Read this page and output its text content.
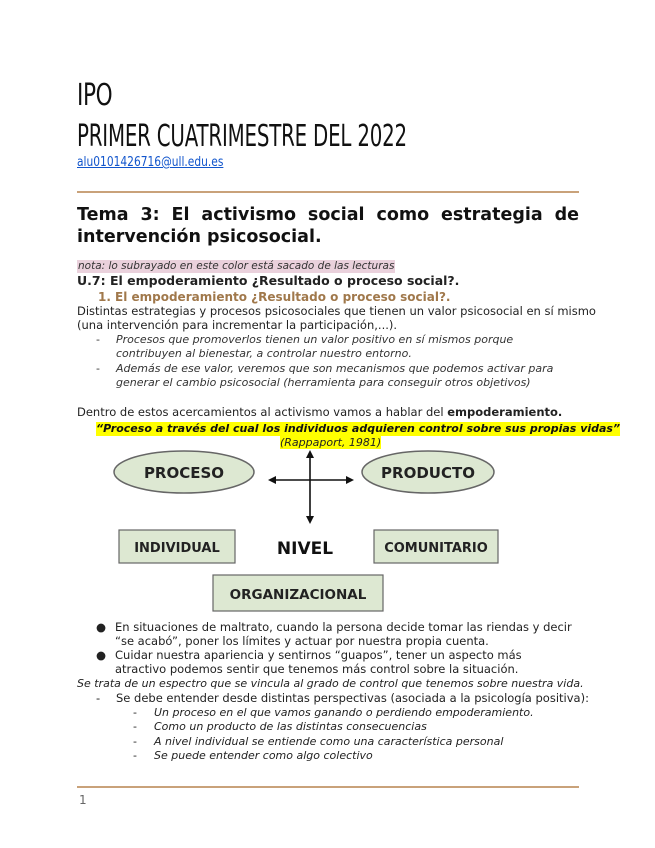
IPO
PRIMER CUATRIMESTRE DEL 2022
alu0101426716@ull.edu.es
Tema 3: El activismo social como estrategia de intervención psicosocial.
nota: lo subrayado en este color está sacado de las lecturas
U.7: El empoderamiento ¿Resultado o proceso social?.
1. El empoderamiento ¿Resultado o proceso social?.
Distintas estrategias y procesos psicosociales que tienen un valor psicosocial en sí mismo
(una intervención para incrementar la participación,...).
- Procesos que promoverlos tienen un valor positivo en sí mismos porque contribuyen al bienestar, a controlar nuestro entorno.
- Además de ese valor, veremos que son mecanismos que podemos activar para generar el cambio psicosocial (herramienta para conseguir otros objetivos)
Dentro de estos acercamientos al activismo vamos a hablar del empoderamiento.
“Proceso a través del cual los individuos adquieren control sobre sus propias vidas”
(Rappaport, 1981)
PROCESO	PRODUCTO
INDIVIDUAL	NIVEL	COMUNITARIO
ORGANIZACIONAL
● En situaciones de maltrato, cuando la persona decide tomar las riendas y decir “se acabó”, poner los límites y actuar por nuestra propia cuenta.
● Cuidar nuestra apariencia y sentirnos “guapos”, tener un aspecto más atractivo podemos sentir que tenemos más control sobre la situación.
Se trata de un espectro que se vincula al grado de control que tenemos sobre nuestra vida.
- Se debe entender desde distintas perspectivas (asociada a la psicología positiva):
- Un proceso en el que vamos ganando o perdiendo empoderamiento.
- Como un producto de las distintas consecuencias
- A nivel individual se entiende como una característica personal
- Se puede entender como algo colectivo
1
